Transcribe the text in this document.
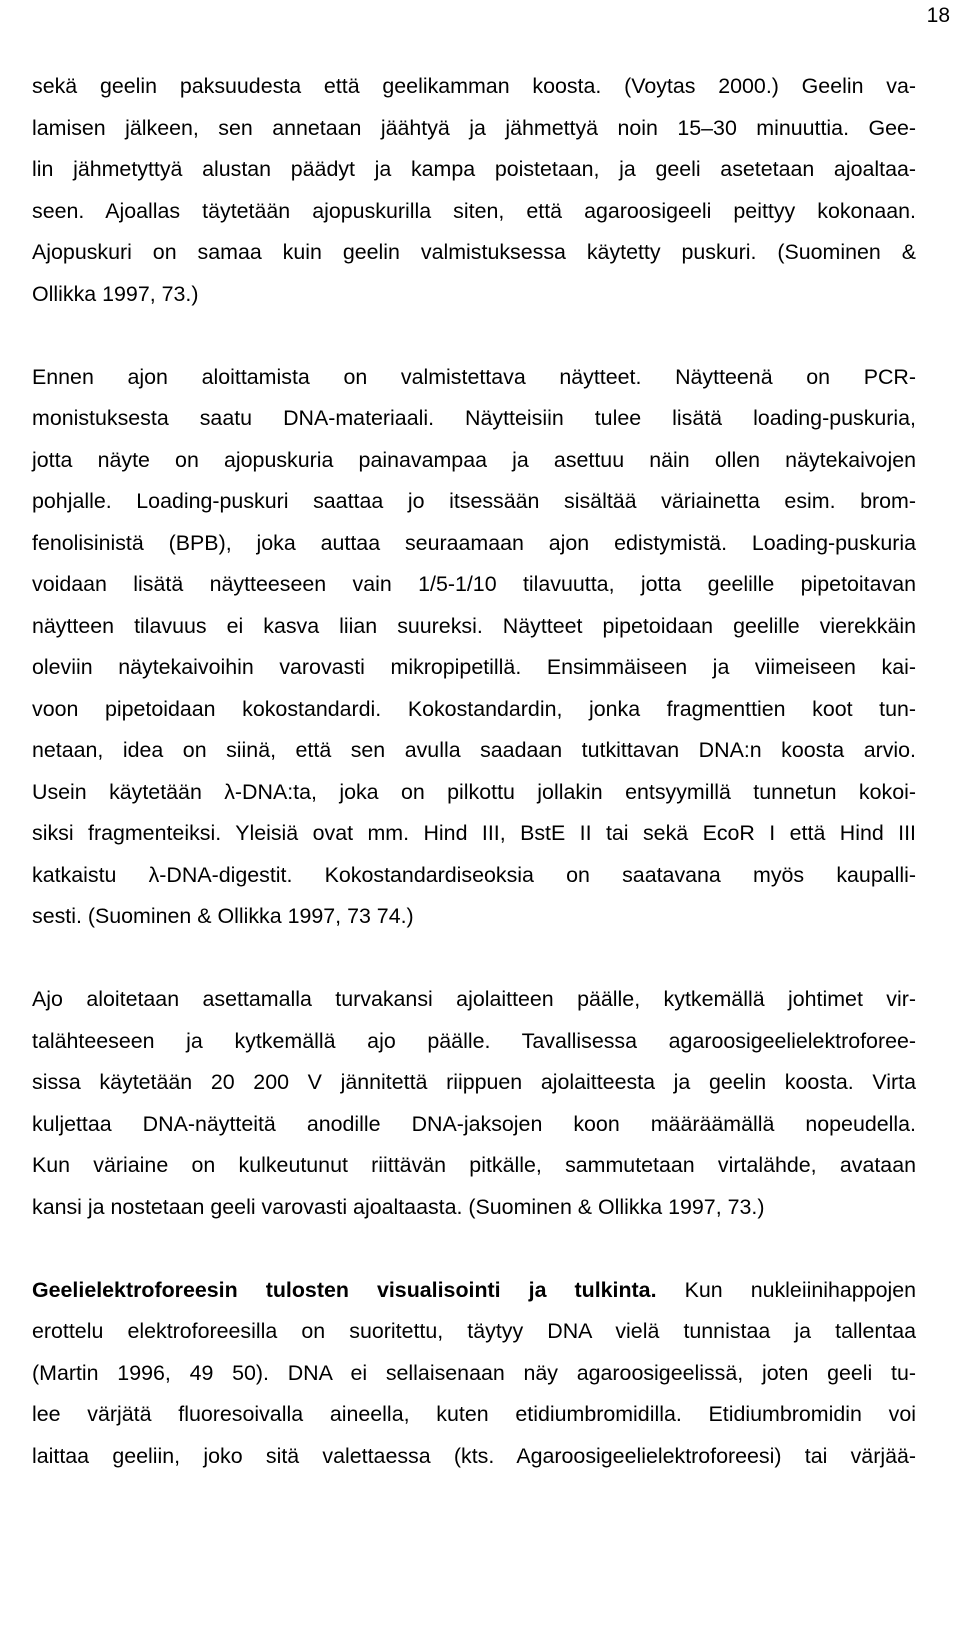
18

sekä geelin paksuudesta että geelikamman koosta. (Voytas 2000.) Geelin va-
lamisen jälkeen, sen annetaan jäähtyä ja jähmettyä noin 15–30 minuuttia. Gee-
lin jähmetyttyä alustan päädyt ja kampa poistetaan, ja geeli asetetaan ajoaltaa-
seen. Ajoallas täytetään ajopuskurilla siten, että agaroosigeeli peittyy kokonaan.
Ajopuskuri on samaa kuin geelin valmistuksessa käytetty puskuri. (Suominen &
Ollikka 1997, 73.)

Ennen ajon aloittamista on valmistettava näytteet. Näytteenä on PCR-
monistuksesta saatu DNA-materiaali. Näytteisiin tulee lisätä loading-puskuria,
jotta näyte on ajopuskuria painavampaa ja asettuu näin ollen näytekaivojen
pohjalle. Loading-puskuri saattaa jo itsessään sisältää väriainetta esim. brom-
fenolisinistä (BPB), joka auttaa seuraamaan ajon edistymistä. Loading-puskuria
voidaan lisätä näytteeseen vain 1/5-1/10 tilavuutta, jotta geelille pipetoitavan
näytteen tilavuus ei kasva liian suureksi. Näytteet pipetoidaan geelille vierekkäin
oleviin näytekaivoihin varovasti mikropipetillä. Ensimmäiseen ja viimeiseen kai-
voon pipetoidaan kokostandardi. Kokostandardin, jonka fragmenttien koot tun-
netaan, idea on siinä, että sen avulla saadaan tutkittavan DNA:n koosta arvio.
Usein käytetään λ-DNA:ta, joka on pilkottu jollakin entsyymillä tunnetun kokoi-
siksi fragmenteiksi. Yleisiä ovat mm. Hind III, BstE II tai sekä EcoR I että Hind III
katkaistu λ-DNA-digestit. Kokostandardiseoksia on saatavana myös kaupalli-
sesti. (Suominen & Ollikka 1997, 73 74.)

Ajo aloitetaan asettamalla turvakansi ajolaitteen päälle, kytkemällä johtimet vir-
talähteeseen ja kytkemällä ajo päälle. Tavallisessa agaroosigeelielektroforee-
sissa käytetään 20 200 V jännitettä riippuen ajolaitteesta ja geelin koosta. Virta
kuljettaa DNA-näytteitä anodille DNA-jaksojen koon määräämällä nopeudella.
Kun väriaine on kulkeutunut riittävän pitkälle, sammutetaan virtalähde, avataan
kansi ja nostetaan geeli varovasti ajoaltaasta. (Suominen & Ollikka 1997, 73.)

Geelielektroforeesin tulosten visualisointi ja tulkinta. Kun nukleiinihappojen
erottelu elektroforeesilla on suoritettu, täytyy DNA vielä tunnistaa ja tallentaa
(Martin 1996, 49 50). DNA ei sellaisenaan näy agaroosigeelissä, joten geeli tu-
lee värjätä fluoresoivalla aineella, kuten etidiumbromidilla. Etidiumbromidin voi
laittaa geeliin, joko sitä valettaessa (kts. Agaroosigeelielektroforeesi) tai värjää-
